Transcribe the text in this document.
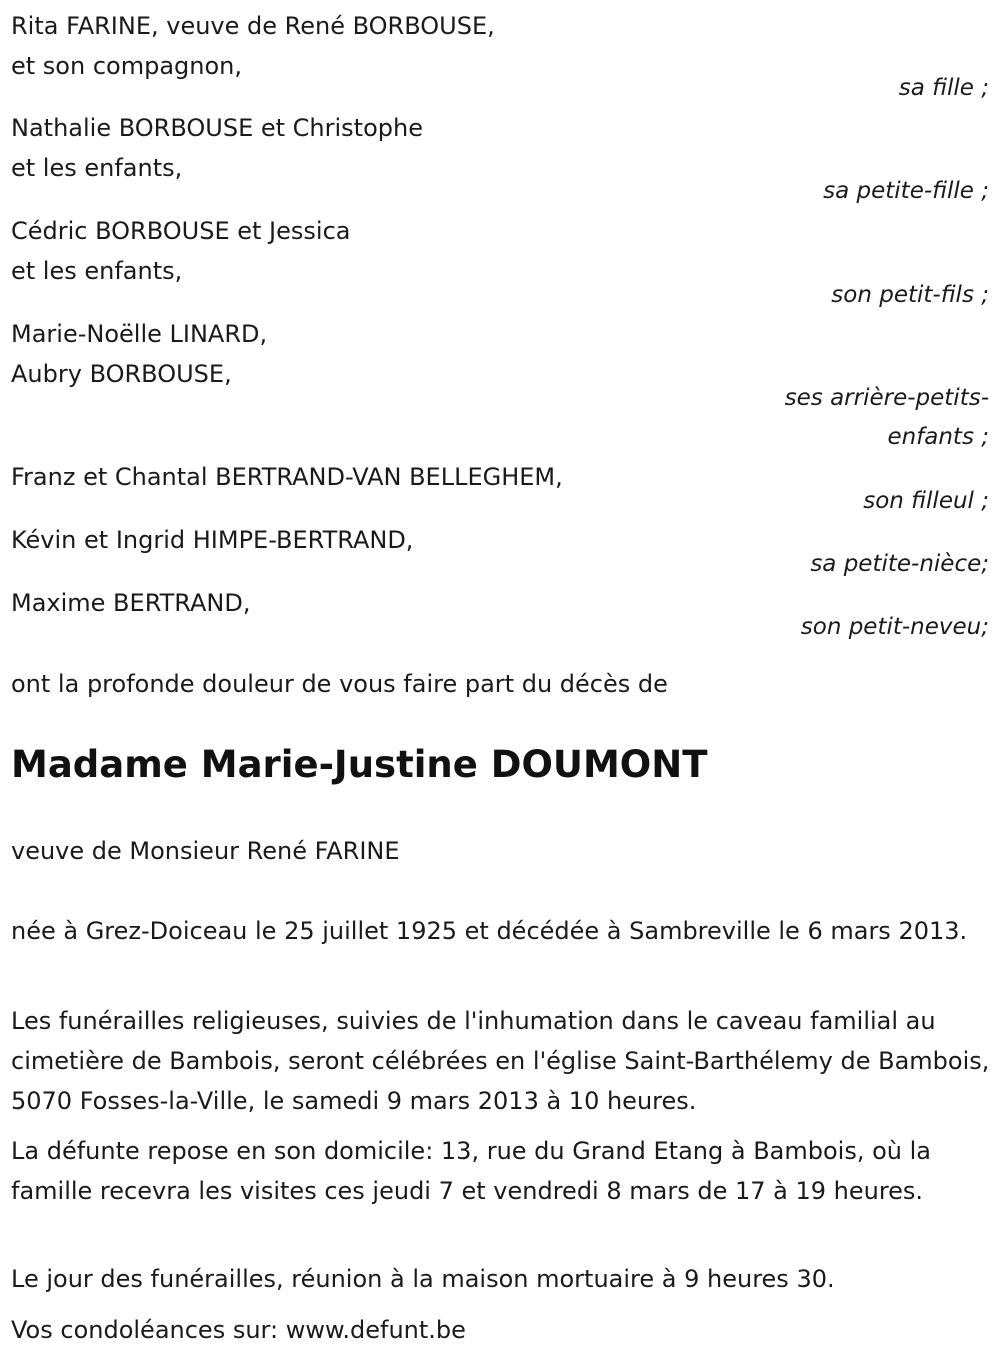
Rita FARINE, veuve de René BORBOUSE,
et son compagnon,
sa fille ;
Nathalie BORBOUSE et Christophe
et les enfants,
sa petite-fille ;
Cédric BORBOUSE et Jessica
et les enfants,
son petit-fils ;
Marie-Noëlle LINARD,
Aubry BORBOUSE,
ses arrière-petits-
enfants ;
Franz et Chantal BERTRAND-VAN BELLEGHEM,
son filleul ;
Kévin et Ingrid HIMPE-BERTRAND,
sa petite-nièce;
Maxime BERTRAND,
son petit-neveu;
ont la profonde douleur de vous faire part du décès de
Madame Marie-Justine DOUMONT
veuve de Monsieur René FARINE

née à Grez-Doiceau le 25 juillet 1925 et décédée à Sambreville le 6 mars 2013.

Les funérailles religieuses, suivies de l'inhumation dans le caveau familial au cimetière de Bambois, seront célébrées en l'église Saint-Barthélemy de Bambois, 5070 Fosses-la-Ville, le samedi 9 mars 2013 à 10 heures.

La défunte repose en son domicile: 13, rue du Grand Etang à Bambois, où la famille recevra les visites ces jeudi 7 et vendredi 8 mars de 17 à 19 heures.

Le jour des funérailles, réunion à la maison mortuaire à 9 heures 30.

Vos condoléances sur: www.defunt.be
